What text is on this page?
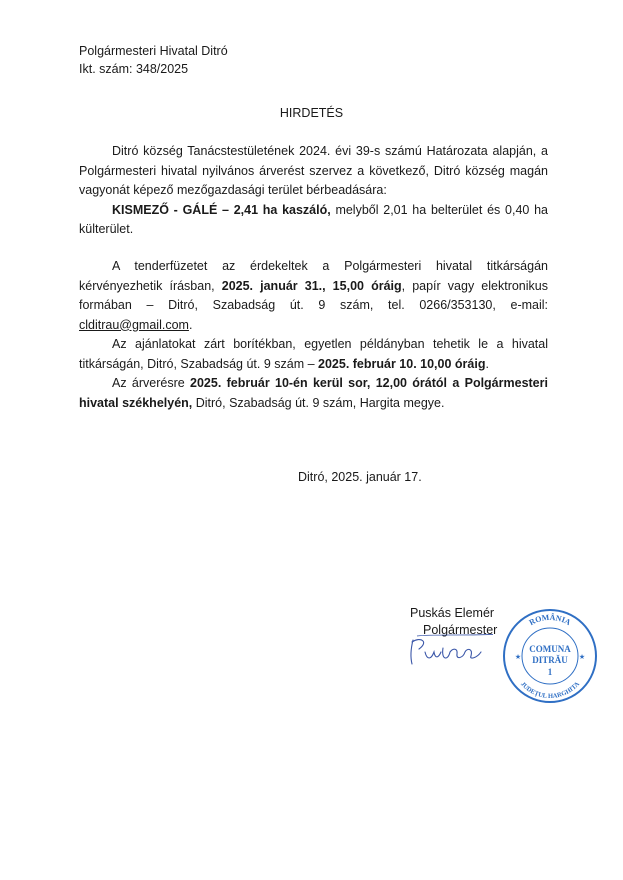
Polgármesteri Hivatal Ditró
Ikt. szám: 348/2025
HIRDETÉS

Ditró község Tanácstestületének 2024. évi 39-s számú Határozata alapján, a Polgármesteri hivatal nyilvános árverést szervez a következő, Ditró község magán vagyonát képező mezőgazdasági terület bérbeadására:

KISMEZŐ - GÁLÉ – 2,41 ha kaszáló, melyből 2,01 ha belterület és 0,40 ha külterület.

A tenderfüzetet az érdekeltek a Polgármesteri hivatal titkárságán kérvényezhetik írásban, 2025. január 31., 15,00 óráig, papír vagy elektronikus formában – Ditró, Szabadság út. 9 szám, tel. 0266/353130, e-mail: clditrau@gmail.com.

Az ajánlatokat zárt borítékban, egyetlen példányban tehetik le a hivatal titkárságán, Ditró, Szabadság út. 9 szám – 2025. február 10. 10,00 óráig.

Az árverésre 2025. február 10-én kerül sor, 12,00 órától a Polgármesteri hivatal székhelyén, Ditró, Szabadság út. 9 szám, Hargita megye.

Ditró, 2025. január 17.
Puskás Elemér
Polgármester
ROMÂNIA
JUDEȚUL HARGHITA
COMUNA
DITRĂU
1
★	★
